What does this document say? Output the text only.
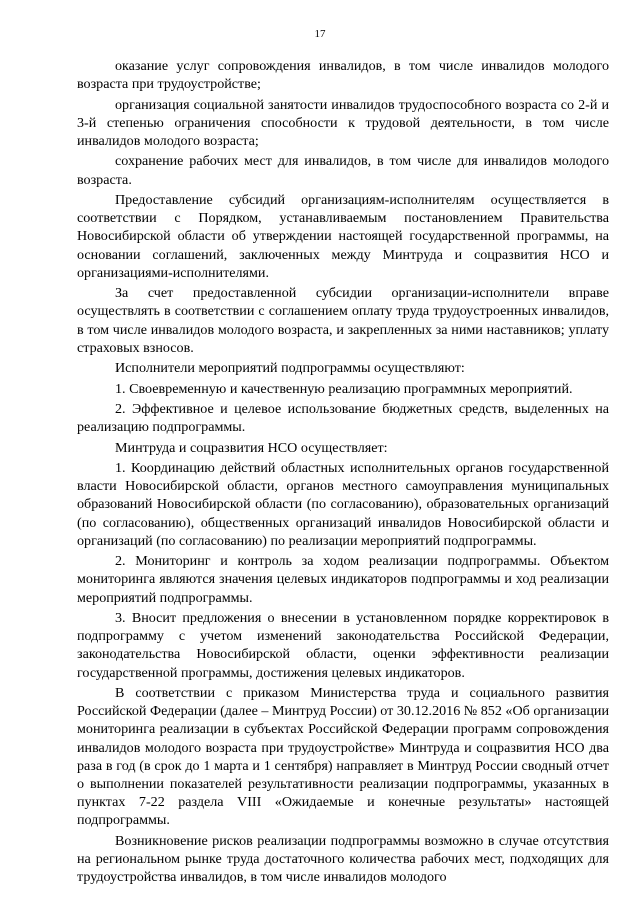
17

оказание услуг сопровождения инвалидов, в том числе инвалидов молодого возраста при трудоустройстве;

организация социальной занятости инвалидов трудоспособного возраста со 2-й и 3-й степенью ограничения способности к трудовой деятельности, в том числе инвалидов молодого возраста;

сохранение рабочих мест для инвалидов, в том числе для инвалидов молодого возраста.

Предоставление субсидий организациям-исполнителям осуществляется в соответствии с Порядком, устанавливаемым постановлением Правительства Новосибирской области об утверждении настоящей государственной программы, на основании соглашений, заключенных между Минтруда и соцразвития НСО и организациями-исполнителями.

За счет предоставленной субсидии организации-исполнители вправе осуществлять в соответствии с соглашением оплату труда трудоустроенных инвалидов, в том числе инвалидов молодого возраста, и закрепленных за ними наставников; уплату страховых взносов.

Исполнители мероприятий подпрограммы осуществляют:

1. Своевременную и качественную реализацию программных мероприятий.

2. Эффективное и целевое использование бюджетных средств, выделенных на реализацию подпрограммы.

Минтруда и соцразвития НСО осуществляет:

1. Координацию действий областных исполнительных органов государственной власти Новосибирской области, органов местного самоуправления муниципальных образований Новосибирской области (по согласованию), образовательных организаций (по согласованию), общественных организаций инвалидов Новосибирской области и организаций (по согласованию) по реализации мероприятий подпрограммы.

2. Мониторинг и контроль за ходом реализации подпрограммы. Объектом мониторинга являются значения целевых индикаторов подпрограммы и ход реализации мероприятий подпрограммы.

3. Вносит предложения о внесении в установленном порядке корректировок в подпрограмму с учетом изменений законодательства Российской Федерации, законодательства Новосибирской области, оценки эффективности реализации государственной программы, достижения целевых индикаторов.

В соответствии с приказом Министерства труда и социального развития Российской Федерации (далее – Минтруд России) от 30.12.2016 № 852 «Об организации мониторинга реализации в субъектах Российской Федерации программ сопровождения инвалидов молодого возраста при трудоустройстве» Минтруда и соцразвития НСО два раза в год (в срок до 1 марта и 1 сентября) направляет в Минтруд России сводный отчет о выполнении показателей результативности реализации подпрограммы, указанных в пунктах 7-22 раздела VIII «Ожидаемые и конечные результаты» настоящей подпрограммы.

Возникновение рисков реализации подпрограммы возможно в случае отсутствия на региональном рынке труда достаточного количества рабочих мест, подходящих для трудоустройства инвалидов, в том числе инвалидов молодого
